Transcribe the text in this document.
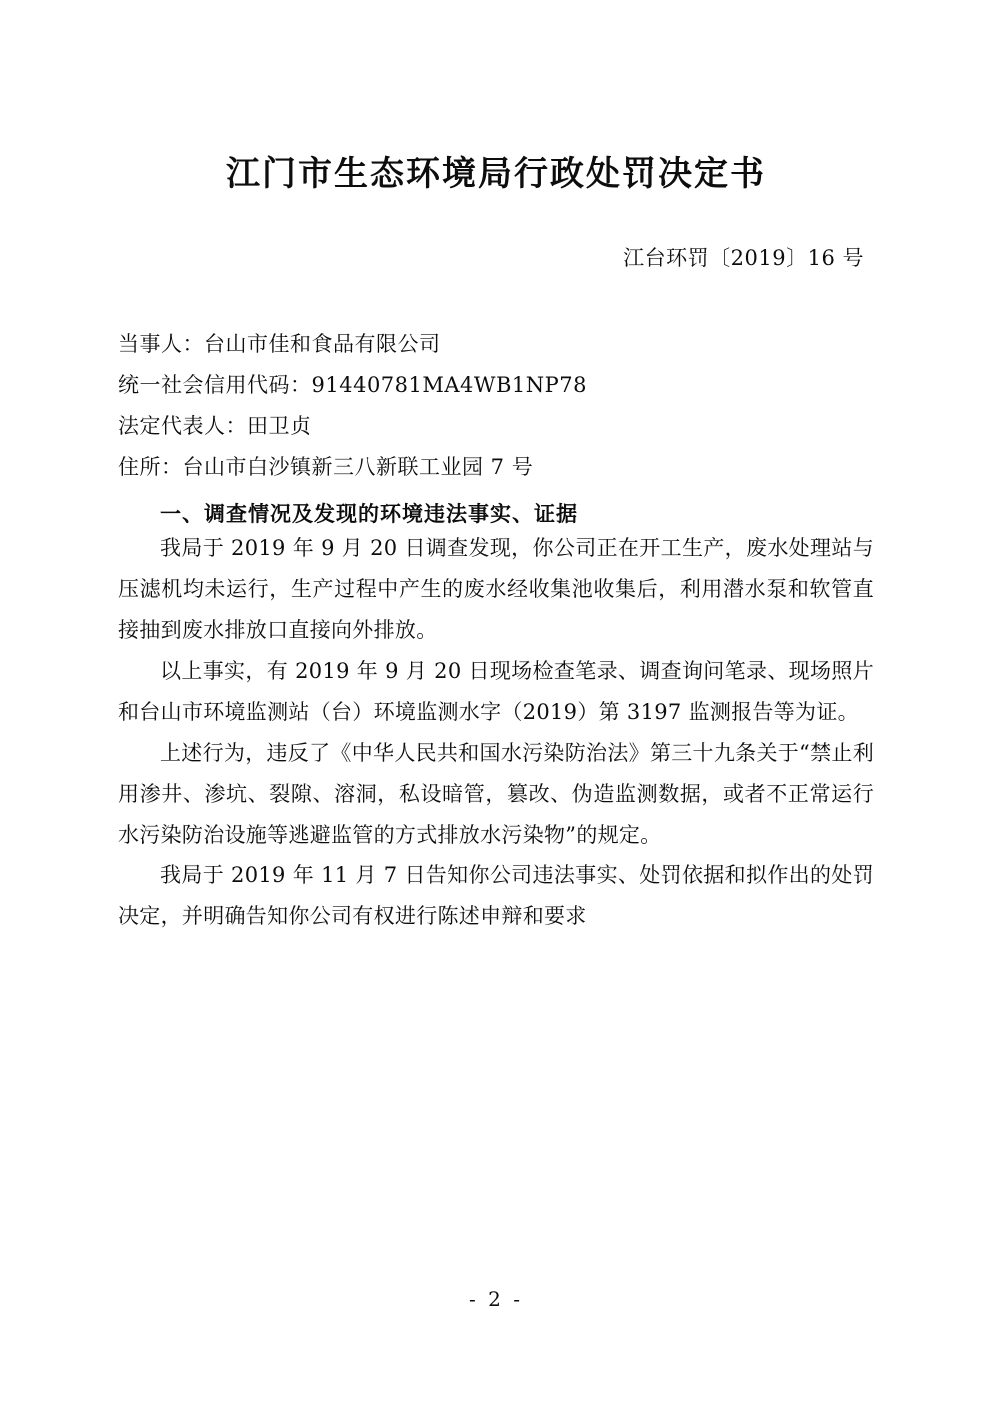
江门市生态环境局行政处罚决定书

江台环罚〔2019〕16 号

当事人：台山市佳和食品有限公司

统一社会信用代码：91440781MA4WB1NP78

法定代表人：田卫贞

住所：台山市白沙镇新三八新联工业园 7 号

一、调查情况及发现的环境违法事实、证据

我局于 2019 年 9 月 20 日调查发现，你公司正在开工生产，废水处理站与压滤机均未运行，生产过程中产生的废水经收集池收集后，利用潜水泵和软管直接抽到废水排放口直接向外排放。

以上事实，有 2019 年 9 月 20 日现场检查笔录、调查询问笔录、现场照片和台山市环境监测站（台）环境监测水字（2019）第 3197 监测报告等为证。

上述行为，违反了《中华人民共和国水污染防治法》第三十九条关于“禁止利用渗井、渗坑、裂隙、溶洞，私设暗管，篡改、伪造监测数据，或者不正常运行水污染防治设施等逃避监管的方式排放水污染物”的规定。

我局于 2019 年 11 月 7 日告知你公司违法事实、处罚依据和拟作出的处罚决定，并明确告知你公司有权进行陈述申辩和要求

- 2 -
